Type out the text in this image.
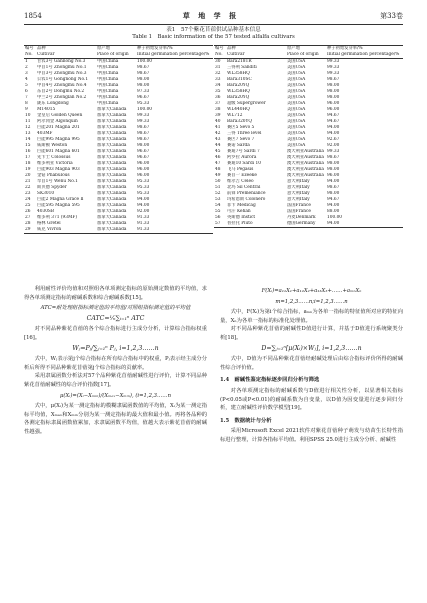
1854	草 地 学 报	第33卷
表1　57个紫花苜蓿供试品种基本信息
Table 1　Basic information of the 57 tested alfalfa cultivars
编号	品种	原产地	种子初始发芽率/%
No.	Cultivar	Place of origin	Initial germination percentage/%
1	甘农3号 Gannong No.3	中国China	100.00
2	中苜1号 Zhongmu No.1	中国China	98.67
3	中苜3号 Zhongmu No.3	中国China	98.67
4	公农1号 Gongnong No.1	中国China	98.00
5	中苜4号 Zhongmu No.4	中国China	98.00
6	东苜2号 Dongmu No.2	中国China	97.33
7	中兰2号 Zhonglan No.2	中国China	96.67
8	陇东 Longdong	中国China	95.33
9	MT4015	加拿大Canada	100.00
10	金皇后 Golden Queen	加拿大Canada	99.33
11	阿尔冈金 Algonquin	加拿大Canada	99.33
12	巨能201 Magna 201	加拿大Canada	98.67
13	403MF	加拿大Canada	98.67
14	巨能995 Magna 995	加拿大Canada	98.67
15	威斯顿 Weston	加拿大Canada	98.00
16	巨能601 Magna 601	加拿大Canada	96.67
17	先卡士 Colossus	加拿大Canada	96.67
18	维多利亚 Victoria	加拿大Canada	96.00
19	巨能903 Magna 903	加拿大Canada	96.00
20	金钻 Phabulous	加拿大Canada	96.00
21	旱苜1号 Wenu No.1	加拿大Canada	95.33
22	斯贝德 Spyder	加拿大Canada	95.33
23	SK3010	加拿大Canada	95.33
24	巨能2 Magna Grace Ⅱ	加拿大Canada	94.00
25	巨能595 Magna 595	加拿大Canada	94.00
26	4030SB	加拿大Canada	92.00
27	维多利 371 (93MF)	加拿大Canada	91.33
28	格林 Gretel	加拿大Canada	91.33
29	威克 Vivron	加拿大Canada	91.33
编号	品种	原产地	种子初始发芽率/%
No.	Cultivar	Place of origin	Initial germination percentage/%
30	Bara218TR	美国USA	99.33
31	三得利 Sanditi	美国USA	99.33
32	WL358HQ	美国USA	99.33
33	Bara310SC	美国USA	98.67
34	Bara20YQ	美国USA	98.00
35	WL358HQ	美国USA	98.00
36	Bara20YQ	美国USA	98.00
37	超级 Supergrower	美国USA	96.00
38	WL440HQ	美国USA	96.00
39	WL712	美国USA	94.67
40	Bara320YQ	美国USA	94.67
41	赛区5 Sevo 5	美国USA	94.00
42	三得 Three level	美国USA	94.00
43	赛区7 Sevo 7	美国USA	92.67
44	赛诺 Sarda	美国USA	92.00
45	赛迪7号 Sardi 7	澳大利亚Australia	99.33
46	阿罗拉 Aurora	澳大利亚Australia	98.67
47	赛迪10 Sardi 10	澳大利亚Australia	98.00
48	飞马 Pegasis	澳大利亚Australia	98.00
49	赛苜一 Ezeeke	澳大利亚Australia	96.00
50	维尔吉 Celeo	意大利Italy	94.00
51	北玛 Sil Central	意大利Italy	98.67
52	前锋 Premeniance	意大利Italy	98.00
53	玛希恩斯 Colonero	意大利Italy	94.67
54	菲卡 Medicag	法国France	94.00
55	可汗 Kehan	法国France	88.00
56	英斯德 Instict	丹麦Denmark	100.00
57	普拉托 Pluto	德国Germany	94.00

利用耐性评价均值和对照组各单项测定指标的原始测定数值的平均值，求得各单项测定指标的耐碱系数和综合耐碱系数[15]。

ATC=耐处理组指标测定值的平均值/对照组指标测定值的平均值
CATC=¹⁄ₙ∑ᵢ₌₁ⁿ ATC

对不同品种紫花苜蓿的各个综合指标进行主成分分析，计算综合指标权重[16]。

Wⱼ=Pⱼ/∑ⱼ₌₁ⁿ Pⱼ, i=1,2,3……n

式中，Wⱼ表示第j个综合指标在所有综合指标中的权重，Pⱼ表示经主成分分析后所得不同品种紫花苜蓿第j个综合指标的贡献率。

采用隶属函数分析法对57个品种紫花苜蓿耐碱性进行评价，计算不同品种紫花苜蓿耐碱性的综合评价指数[17]。

μ(Xᵢ)=(Xᵢ−Xₘᵢₙ)/(Xₘₐₓ−Xₘᵢₙ), (i=1,2,3……n

式中，μ(Xᵢ)为某一测定指标的模糊隶属函数值的平均值，Xᵢ为某一测定指标平均值，Xₘₐₓ和Xₘᵢₙ分别为某一测定指标的最大值和最小值。再将各品种的各测定指标隶属函数值累加，求隶属函数平均值，值越大表示紫花苜蓿的耐碱性越强。

F(Xᵢ)=a₁₁X₁+a₁₂X₂+a₁₃X₃+……+aₘₙXₙ
m=1,2,3……n;i=1,2,3……n

式中，F(Xᵢ)为第i个综合指标，aₘₙ为各单一指标的特征值所对应的特征向量，Xₙ为各单一指标的标准化处理值。

对不同品种紫花苜蓿的耐碱性D值进行计算，并基于D值进行系统聚类分析[18]。

D=∑ⱼ₌₁ⁿ[μ(Xᵢ)×Wⱼ], i=1,2,3……n

式中，D值为不同品种紫花苜蓿经耐碱处理后由综合指标评价所得的耐碱性综合评价值。

1.4　耐碱性鉴定指标逐步回归分析与筛选

对各单项测定指标的耐碱系数与D值进行相关性分析，以显著相关指标(P<0.05或P<0.01)的耐碱系数为自变量，以D值为因变量进行逐步回归分析，建立耐碱性评价数学模型[19]。

1.5　数据统计与分析

采用Microsoft Excel 2021软件对紫花苜蓿种子萌发与幼苗生长特性指标进行整理，计算各指标平均值。利用SPSS 25.0进行主成分分析、耐碱性
